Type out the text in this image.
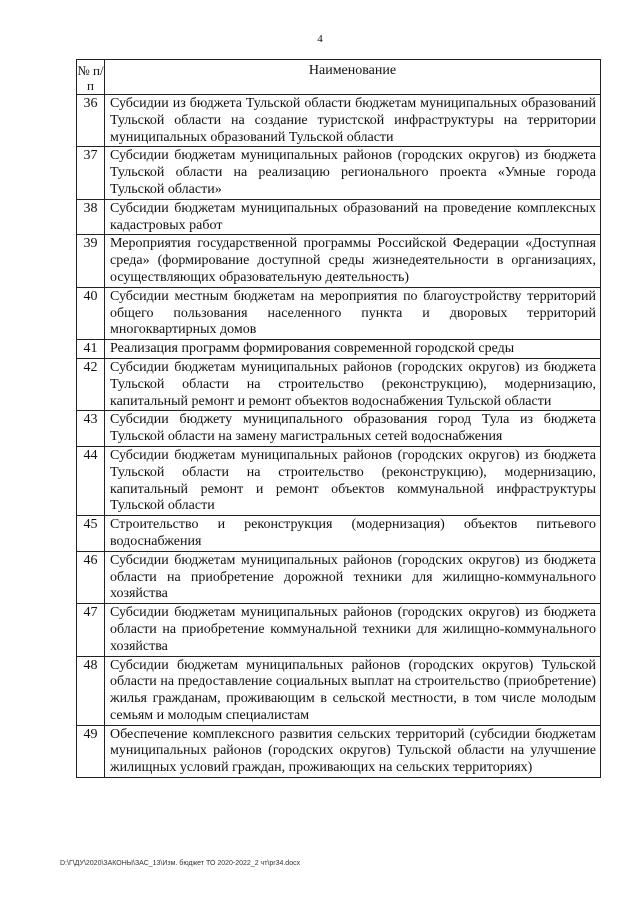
4
№ п/п	Наименование
36	Субсидии из бюджета Тульской области бюджетам муниципальных образований Тульской области на создание туристской инфраструктуры на территории муниципальных образований Тульской области
37	Субсидии бюджетам муниципальных районов (городских округов) из бюджета Тульской области на реализацию регионального проекта «Умные города Тульской области»
38	Субсидии бюджетам муниципальных образований на проведение комплексных кадастровых работ
39	Мероприятия государственной программы Российской Федерации «Доступная среда» (формирование доступной среды жизнедеятельности в организациях, осуществляющих образовательную деятельность)
40	Субсидии местным бюджетам на мероприятия по благоустройству территорий общего пользования населенного пункта и дворовых территорий многоквартирных домов
41	Реализация программ формирования современной городской среды
42	Субсидии бюджетам муниципальных районов (городских округов) из бюджета Тульской области на строительство (реконструкцию), модернизацию, капитальный ремонт и ремонт объектов водоснабжения Тульской области
43	Субсидии бюджету муниципального образования город Тула из бюджета Тульской области на замену магистральных сетей водоснабжения
44	Субсидии бюджетам муниципальных районов (городских округов) из бюджета Тульской области на строительство (реконструкцию), модернизацию, капитальный ремонт и ремонт объектов коммунальной инфраструктуры Тульской области
45	Строительство и реконструкция (модернизация) объектов питьевого водоснабжения
46	Субсидии бюджетам муниципальных районов (городских округов) из бюджета области на приобретение дорожной техники для жилищно-коммунального хозяйства
47	Субсидии бюджетам муниципальных районов (городских округов) из бюджета области на приобретение коммунальной техники для жилищно-коммунального хозяйства
48	Субсидии бюджетам муниципальных районов (городских округов) Тульской области на предоставление социальных выплат на строительство (приобретение) жилья гражданам, проживающим в сельской местности, в том числе молодым семьям и молодым специалистам
49	Обеспечение комплексного развития сельских территорий (субсидии бюджетам муниципальных районов (городских округов) Тульской области на улучшение жилищных условий граждан, проживающих на сельских территориях)
D:\Г\ДУ\2020\ЗАКОНЫ\ЗАС_13\Изм. бюджет ТО 2020-2022_2 чт\pr34.docx
